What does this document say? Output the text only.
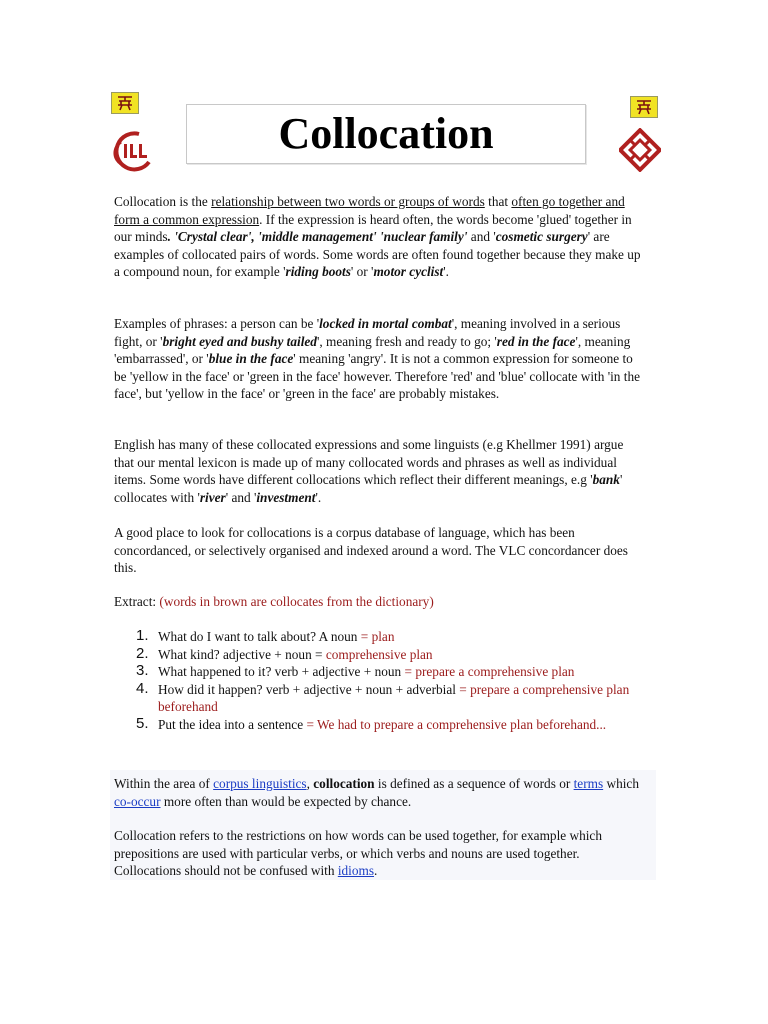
Collocation

Collocation is the relationship between two words or groups of words that often go together and form a common expression. If the expression is heard often, the words become 'glued' together in our minds. 'Crystal clear', 'middle management' 'nuclear family' and 'cosmetic surgery' are examples of collocated pairs of words. Some words are often found together because they make up a compound noun, for example 'riding boots' or 'motor cyclist'.

Examples of phrases: a person can be 'locked in mortal combat', meaning involved in a serious fight, or 'bright eyed and bushy tailed', meaning fresh and ready to go; 'red in the face', meaning 'embarrassed', or 'blue in the face' meaning 'angry'. It is not a common expression for someone to be 'yellow in the face' or 'green in the face' however. Therefore 'red' and 'blue' collocate with 'in the face', but 'yellow in the face' or 'green in the face' are probably mistakes.

English has many of these collocated expressions and some linguists (e.g Khellmer 1991) argue that our mental lexicon is made up of many collocated words and phrases as well as individual items. Some words have different collocations which reflect their different meanings, e.g 'bank' collocates with 'river' and 'investment'.

A good place to look for collocations is a corpus database of language, which has been concordanced, or selectively organised and indexed around a word. The VLC concordancer does this.

Extract: (words in brown are collocates from the dictionary)

1. What do I want to talk about? A noun = plan
2. What kind? adjective + noun = comprehensive plan
3. What happened to it? verb + adjective + noun = prepare a comprehensive plan
4. How did it happen? verb + adjective + noun + adverbial = prepare a comprehensive plan beforehand
5. Put the idea into a sentence = We had to prepare a comprehensive plan beforehand...

Within the area of corpus linguistics, collocation is defined as a sequence of words or terms which co-occur more often than would be expected by chance.

Collocation refers to the restrictions on how words can be used together, for example which prepositions are used with particular verbs, or which verbs and nouns are used together. Collocations should not be confused with idioms.
